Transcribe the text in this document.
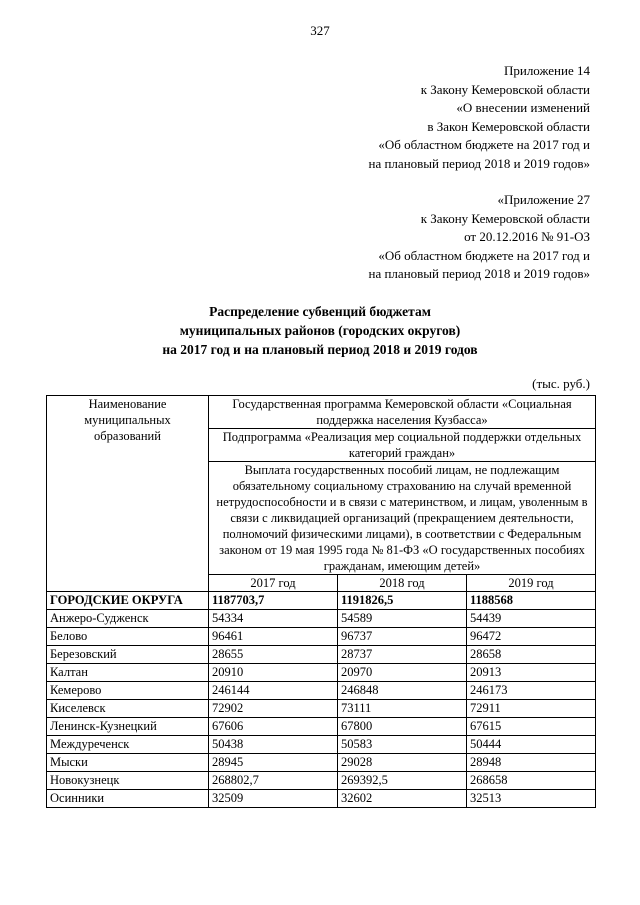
327
Приложение 14
к Закону Кемеровской области
«О внесении изменений
в Закон Кемеровской области
«Об областном бюджете на 2017 год и
на плановый период 2018 и 2019 годов»
«Приложение 27
к Закону Кемеровской области
от 20.12.2016 № 91-ОЗ
«Об областном бюджете на 2017 год и
на плановый период 2018 и 2019 годов»
Распределение субвенций бюджетам
муниципальных районов (городских округов)
на 2017 год и на плановый период 2018 и 2019 годов
(тыс. руб.)
Наименование муниципальных образований	Государственная программа Кемеровской области «Социальная поддержка населения Кузбасса»		
	Подпрограмма «Реализация мер социальной поддержки отдельных категорий граждан»		
	Выплата государственных пособий лицам, не подлежащим обязательному социальному страхованию на случай временной нетрудоспособности и в связи с материнством, и лицам, уволенным в связи с ликвидацией организаций (прекращением деятельности, полномочий физическими лицами), в соответствии с Федеральным законом от 19 мая 1995 года № 81-ФЗ «О государственных пособиях гражданам, имеющим детей»		
	2017 год	2018 год	2019 год
ГОРОДСКИЕ ОКРУГА	1187703,7	1191826,5	1188568
Анжеро-Судженск	54334	54589	54439
Белово	96461	96737	96472
Березовский	28655	28737	28658
Калтан	20910	20970	20913
Кемерово	246144	246848	246173
Киселевск	72902	73111	72911
Ленинск-Кузнецкий	67606	67800	67615
Междуреченск	50438	50583	50444
Мыски	28945	29028	28948
Новокузнецк	268802,7	269392,5	268658
Осинники	32509	32602	32513
